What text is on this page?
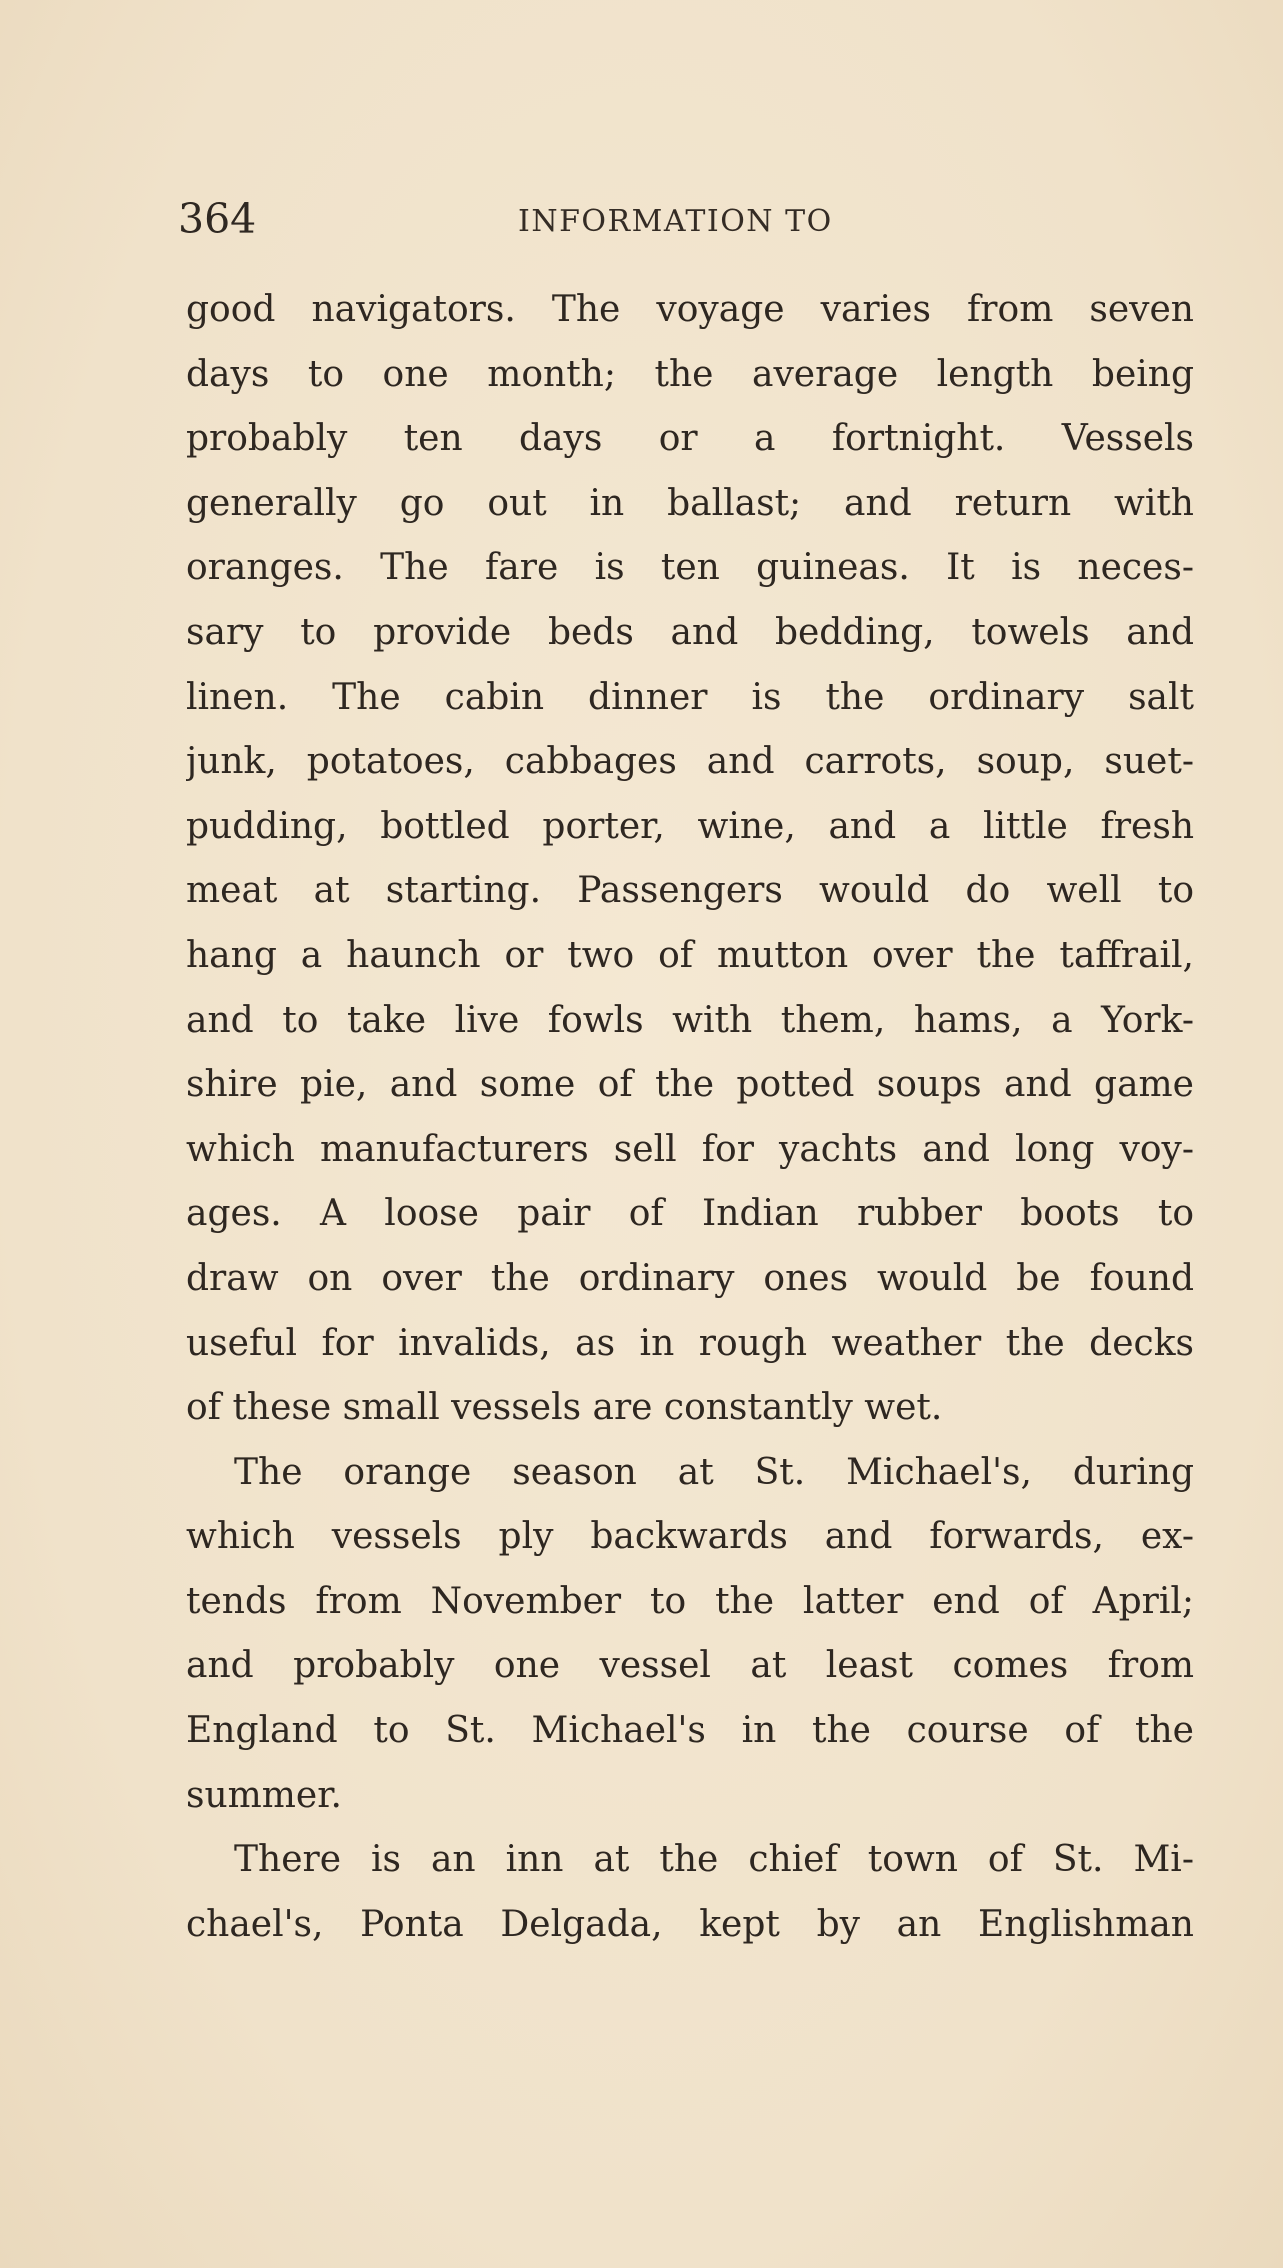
364	INFORMATION TO
good navigators. The voyage varies from seven
days to one month; the average length being
probably ten days or a fortnight. Vessels
generally go out in ballast; and return with
oranges. The fare is ten guineas. It is neces-
sary to provide beds and bedding, towels and
linen. The cabin dinner is the ordinary salt
junk, potatoes, cabbages and carrots, soup, suet-
pudding, bottled porter, wine, and a little fresh
meat at starting. Passengers would do well to
hang a haunch or two of mutton over the taffrail,
and to take live fowls with them, hams, a York-
shire pie, and some of the potted soups and game
which manufacturers sell for yachts and long voy-
ages. A loose pair of Indian rubber boots to
draw on over the ordinary ones would be found
useful for invalids, as in rough weather the decks
of these small vessels are constantly wet.
The orange season at St. Michael's, during
which vessels ply backwards and forwards, ex-
tends from November to the latter end of April;
and probably one vessel at least comes from
England to St. Michael's in the course of the
summer.
There is an inn at the chief town of St. Mi-
chael's, Ponta Delgada, kept by an Englishman
